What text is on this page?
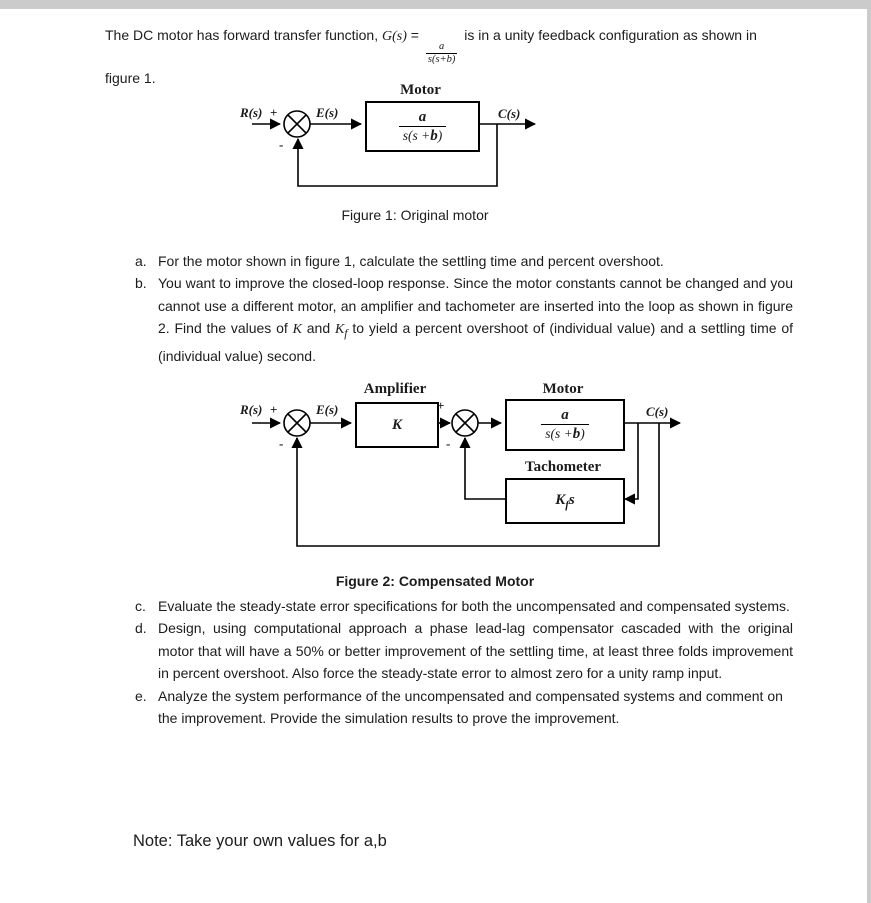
The DC motor has forward transfer function, G(s) =
$\frac{a}{s(s+b)}$
is in a unity feedback configuration as shown in
figure 1.
Motor
$\frac{a}{s(s +b)}$
R(s) +	E(s)	C(s)
-
Figure 1: Original motor
a. For the motor shown in figure 1, calculate the settling time and percent overshoot.
b. You want to improve the closed-loop response. Since the motor constants cannot be changed and you cannot use a different motor, an amplifier and tachometer are inserted into the loop as shown in figure 2. Find the values of K and $K_f$ to yield a percent overshoot of (individual value) and a settling time of (individual value) second.
Amplifier
K
Motor
$\frac{a}{s(s +b)}$
Tachometer
$K_fs$
R(s) +	E(s)	+
-
C(s)
-
Figure 2: Compensated Motor
c. Evaluate the steady-state error specifications for both the uncompensated and compensated systems.
d. Design, using computational approach a phase lead-lag compensator cascaded with the original motor that will have a 50% or better improvement of the settling time, at least three folds improvement in percent overshoot. Also force the steady-state error to almost zero for a unity ramp input.
e. Analyze the system performance of the uncompensated and compensated systems and comment on the improvement. Provide the simulation results to prove the improvement.
Note: Take your own values for a,b
